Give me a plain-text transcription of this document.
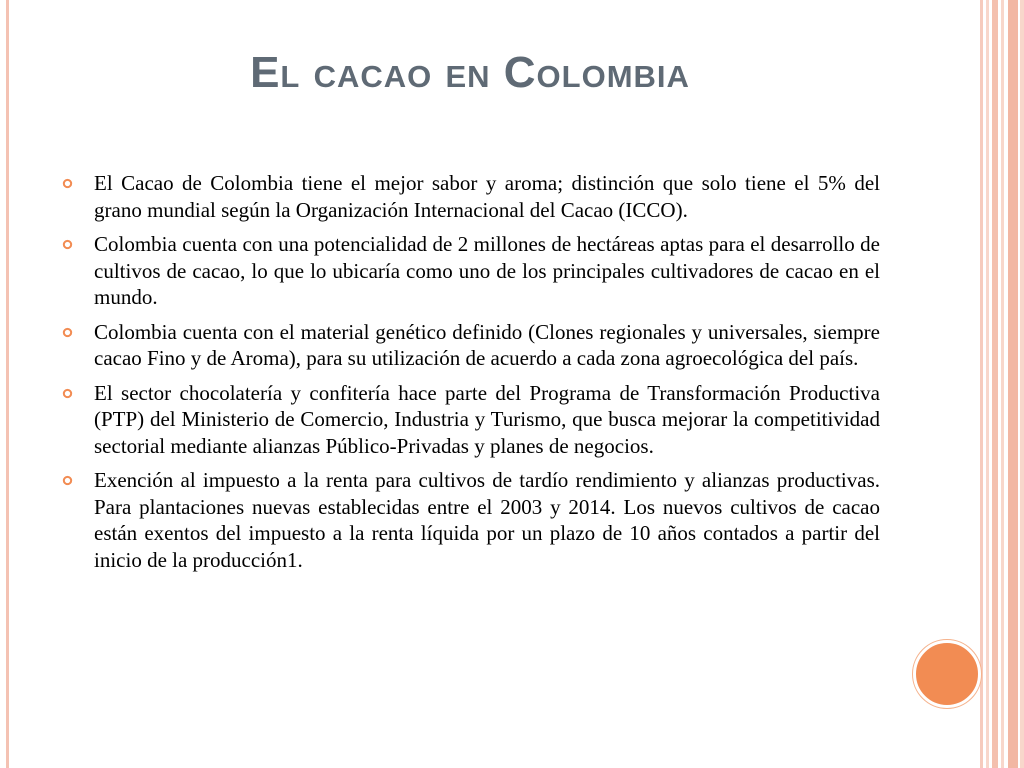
El cacao en Colombia
El Cacao de Colombia tiene el mejor sabor y aroma; distinción que solo tiene el 5% del grano mundial según la Organización Internacional del Cacao (ICCO).
Colombia cuenta con una potencialidad de 2 millones de hectáreas aptas para el desarrollo de cultivos de cacao, lo que lo ubicaría como uno de los principales cultivadores de cacao en el mundo.
Colombia cuenta con el material genético definido (Clones regionales y universales, siempre cacao Fino y de Aroma), para su utilización de acuerdo a cada zona agroecológica del país.
El sector chocolatería y confitería hace parte del Programa de Transformación Productiva (PTP) del Ministerio de Comercio, Industria y Turismo, que busca mejorar la competitividad sectorial mediante alianzas Público-Privadas y planes de negocios.
Exención al impuesto a la renta para cultivos de tardío rendimiento y alianzas productivas. Para plantaciones nuevas establecidas entre el 2003 y 2014. Los nuevos cultivos de cacao están exentos del impuesto a la renta líquida por un plazo de 10 años contados a partir del inicio de la producción1.
